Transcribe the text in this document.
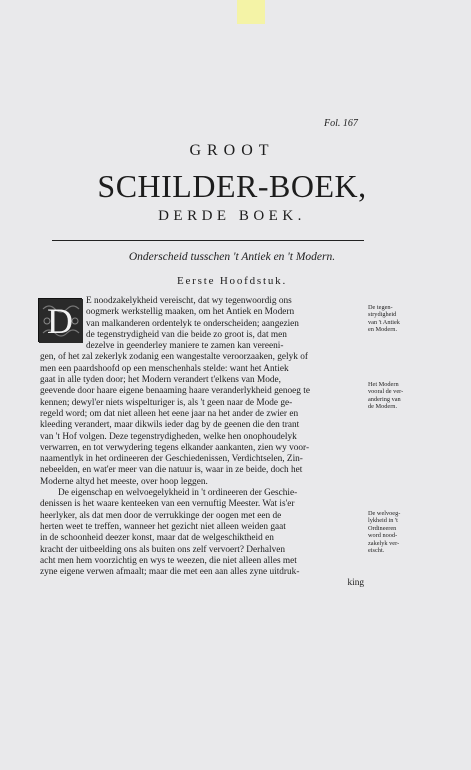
Fol. 167
GROOT
SCHILDER-BOEK,
DERDE BOEK.
Onderscheid tusschen 't Antiek en 't Modern.
Eerste Hoofdstuk.
D	E noodzakelykheid vereischt, dat wy tegenwoordig ons
oogmerk werkstellig maaken, om het Antiek en Modern
van malkanderen ordentelyk te onderscheiden; aangezien
de tegenstrydigheid van die beide zo groot is, dat men
dezelve in geenderley maniere te zamen kan vereeni-
gen, of het zal zekerlyk zodanig een wangestalte veroorzaaken, gelyk of
men een paardshoofd op een menschenhals stelde: want het Antiek
gaat in alle tyden door; het Modern verandert t'elkens van Mode,
geevende door haare eigene benaaming haare veranderlykheid genoeg te
kennen; dewyl'er niets wispelturiger is, als 't geen naar de Mode ge-
regeld word; om dat niet alleen het eene jaar na het ander de zwier en
kleeding verandert, maar dikwils ieder dag by de geenen die den trant
van 't Hof volgen. Deze tegenstrydigheden, welke hen onophoudelyk
verwarren, en tot verwydering tegens elkander aankanten, zien wy voor-
naamentlyk in het ordineeren der Geschiedenissen, Verdichtselen, Zin-
nebeelden, en wat'er meer van die natuur is, waar in ze beide, doch het
Moderne altyd het meeste, over hoop leggen.
De eigenschap en welvoegelykheid in 't ordineeren der Geschie-
denissen is het waare kenteeken van een vernuftig Meester. Wat is'er
heerlyker, als dat men door de verrukkinge der oogen met een de
herten weet te treffen, wanneer het gezicht niet alleen weiden gaat
in de schoonheid deezer konst, maar dat de welgeschiktheid en
kracht der uitbeelding ons als buiten ons zelf vervoert? Derhalven
acht men hem voorzichtig en wys te weezen, die niet alleen alles met
zyne eigene verwen afmaalt; maar die met een aan alles zyne uitdruk-
king
De tegen-
strydigheid
van 't Antiek
en Modern.
Het Modern
vooral de ver-
andering van
de Modern.
De welvoeg-
lykheid in 't
Ordineeren
word nood-
zakelyk ver-
eischt.
